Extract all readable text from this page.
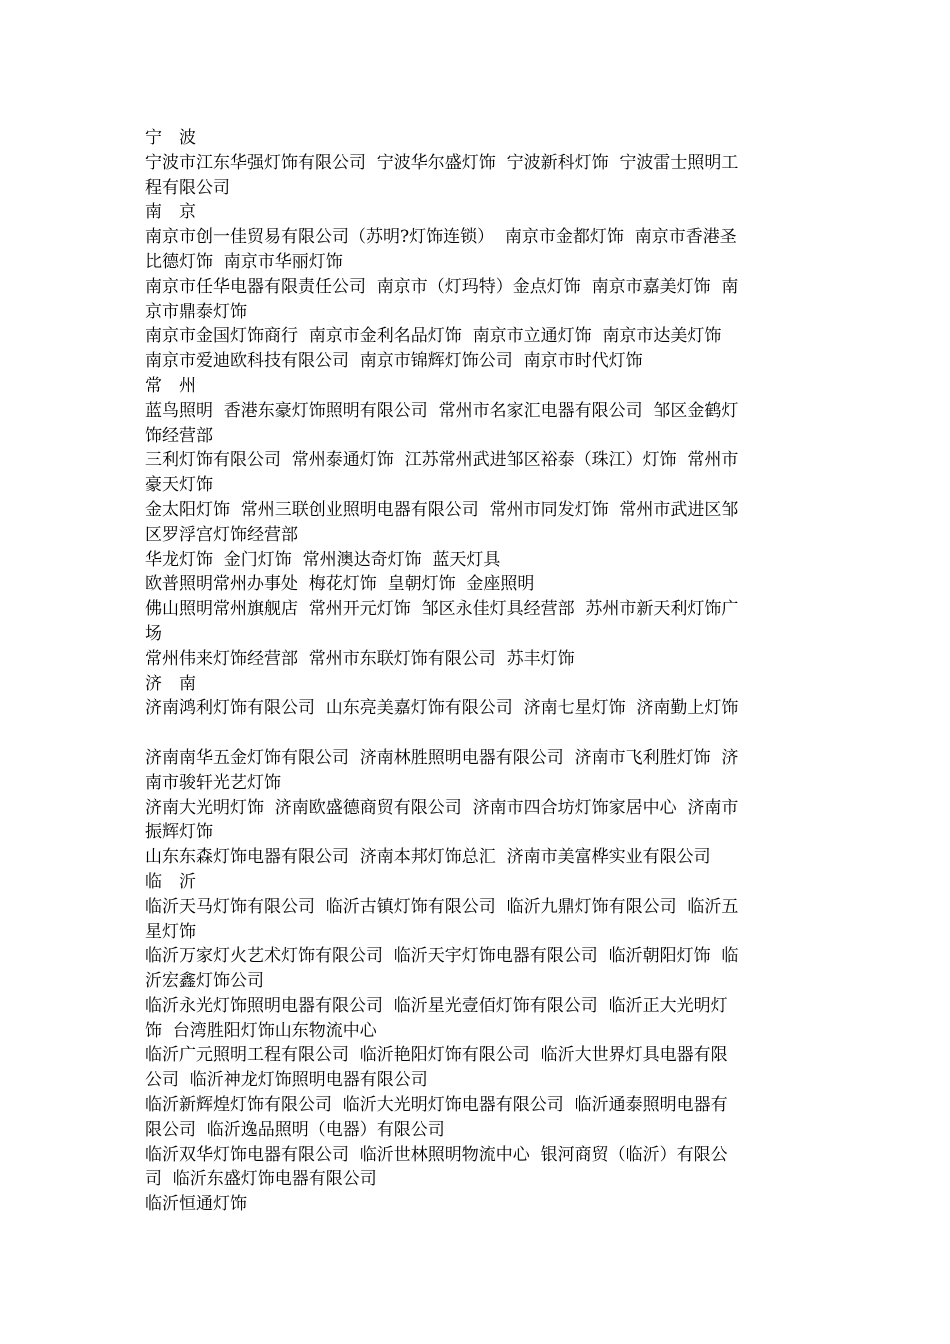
宁　波
宁波市江东华强灯饰有限公司  宁波华尔盛灯饰  宁波新科灯饰  宁波雷士照明工
程有限公司
南　京
南京市创一佳贸易有限公司（苏明?灯饰连锁）  南京市金都灯饰  南京市香港圣
比德灯饰  南京市华丽灯饰
南京市任华电器有限责任公司  南京市（灯玛特）金点灯饰  南京市嘉美灯饰  南
京市鼎泰灯饰
南京市金国灯饰商行  南京市金利名品灯饰  南京市立通灯饰  南京市达美灯饰
南京市爱迪欧科技有限公司  南京市锦辉灯饰公司  南京市时代灯饰
常　州
蓝鸟照明  香港东豪灯饰照明有限公司  常州市名家汇电器有限公司  邹区金鹤灯
饰经营部
三利灯饰有限公司  常州泰通灯饰  江苏常州武进邹区裕泰（珠江）灯饰  常州市
豪天灯饰
金太阳灯饰  常州三联创业照明电器有限公司  常州市同发灯饰  常州市武进区邹
区罗浮宫灯饰经营部
华龙灯饰  金门灯饰  常州澳达奇灯饰  蓝天灯具
欧普照明常州办事处  梅花灯饰  皇朝灯饰  金座照明
佛山照明常州旗舰店  常州开元灯饰  邹区永佳灯具经营部  苏州市新天利灯饰广
场
常州伟来灯饰经营部  常州市东联灯饰有限公司  苏丰灯饰
济　南
济南鸿利灯饰有限公司  山东亮美嘉灯饰有限公司  济南七星灯饰  济南勤上灯饰
济南南华五金灯饰有限公司  济南林胜照明电器有限公司  济南市飞利胜灯饰  济
南市骏轩光艺灯饰
济南大光明灯饰  济南欧盛德商贸有限公司  济南市四合坊灯饰家居中心  济南市
振辉灯饰
山东东森灯饰电器有限公司  济南本邦灯饰总汇  济南市美富桦实业有限公司
临　沂
临沂天马灯饰有限公司  临沂古镇灯饰有限公司  临沂九鼎灯饰有限公司  临沂五
星灯饰
临沂万家灯火艺术灯饰有限公司  临沂天宇灯饰电器有限公司  临沂朝阳灯饰  临
沂宏鑫灯饰公司
临沂永光灯饰照明电器有限公司  临沂星光壹佰灯饰有限公司  临沂正大光明灯
饰  台湾胜阳灯饰山东物流中心
临沂广元照明工程有限公司  临沂艳阳灯饰有限公司  临沂大世界灯具电器有限
公司  临沂神龙灯饰照明电器有限公司
临沂新辉煌灯饰有限公司  临沂大光明灯饰电器有限公司  临沂通泰照明电器有
限公司  临沂逸品照明（电器）有限公司
临沂双华灯饰电器有限公司  临沂世林照明物流中心  银河商贸（临沂）有限公
司  临沂东盛灯饰电器有限公司
临沂恒通灯饰
